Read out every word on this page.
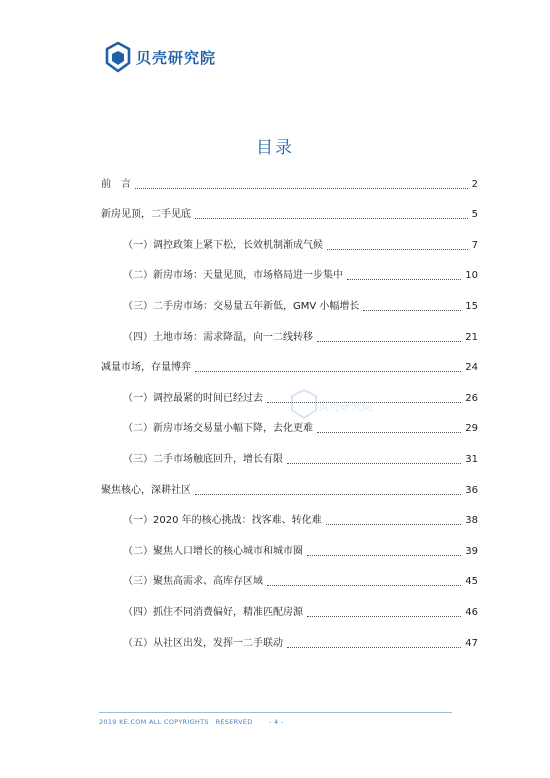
贝壳研究院
目录
前　言	2
新房见顶，二手见底	5
（一）调控政策上紧下松，长效机制渐成气候	7
（二）新房市场：天量见顶，市场格局进一步集中	10
（三）二手房市场：交易量五年新低，GMV 小幅增长	15
（四）土地市场：需求降温，向一二线转移	21
减量市场，存量博弈	24
（一）调控最紧的时间已经过去	26
（二）新房市场交易量小幅下降，去化更难	29
（三）二手市场触底回升，增长有限	31
聚焦核心，深耕社区	36
（一）2020 年的核心挑战：找客难、转化难	38
（二）聚焦人口增长的核心城市和城市圈	39
（三）聚焦高需求、高库存区域	45
（四）抓住不同消费偏好，精准匹配房源	46
（五）从社区出发，发挥一二手联动	47
贝壳研究院
2019 KE.COM ALL COPYRIGHTS　RESERVED	- 4 -
